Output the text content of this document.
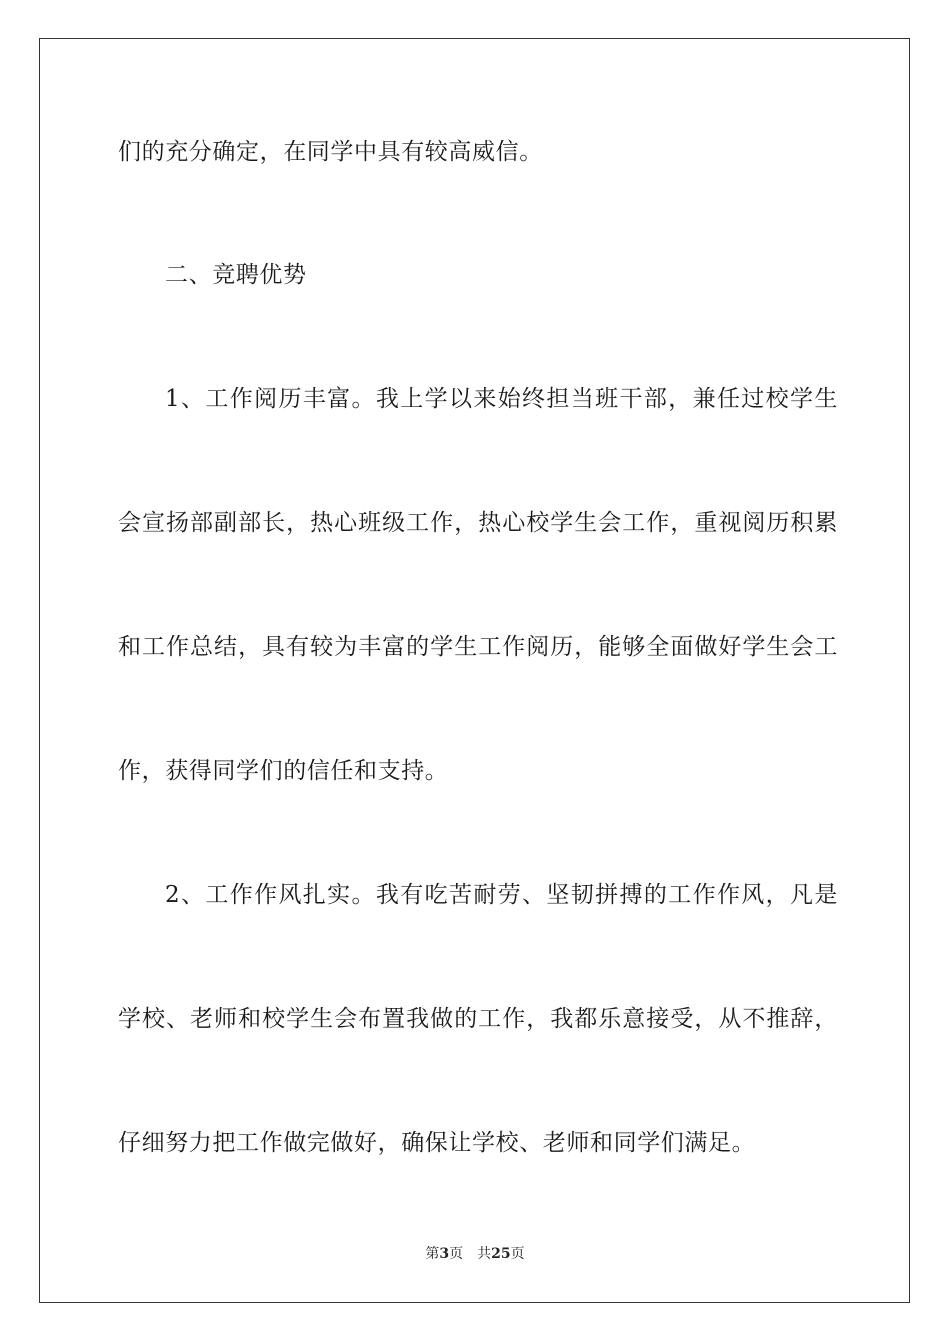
们的充分确定，在同学中具有较高威信。
二、竞聘优势
1、工作阅历丰富。我上学以来始终担当班干部，兼任过校学生
会宣扬部副部长，热心班级工作，热心校学生会工作，重视阅历积累
和工作总结，具有较为丰富的学生工作阅历，能够全面做好学生会工
作，获得同学们的信任和支持。
2、工作作风扎实。我有吃苦耐劳、坚韧拼搏的工作作风，凡是
学校、老师和校学生会布置我做的工作，我都乐意接受，从不推辞，
仔细努力把工作做完做好，确保让学校、老师和同学们满足。
第3页 共25页
